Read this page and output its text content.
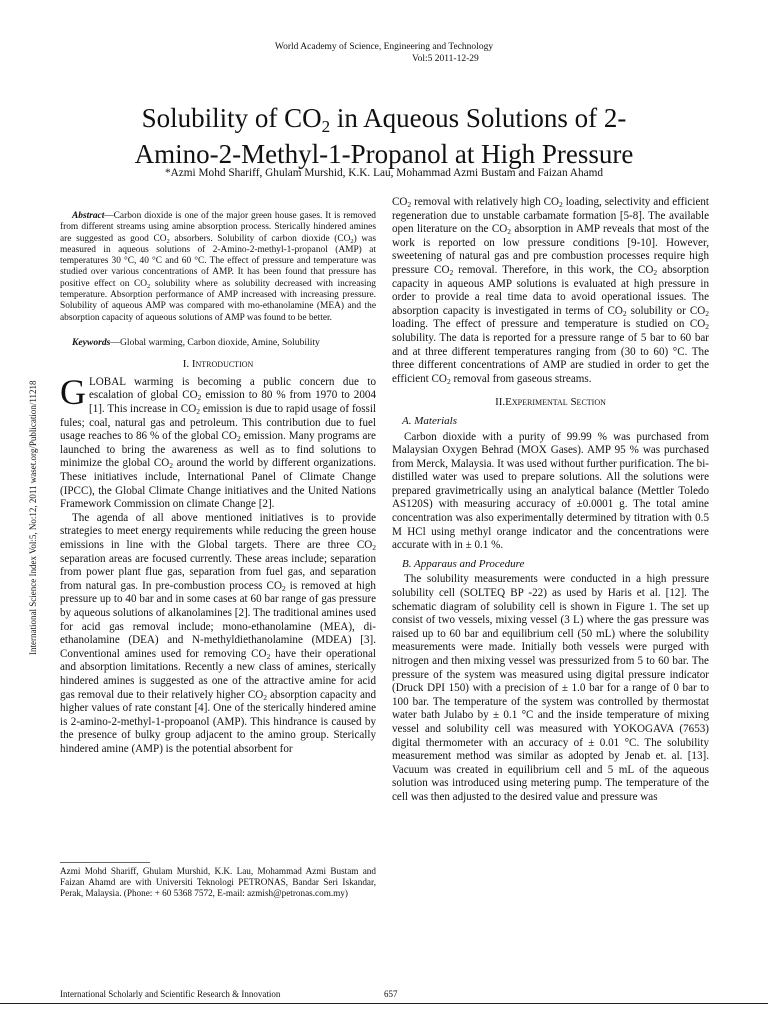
World Academy of Science, Engineering and Technology
Vol:5 2011-12-29
Solubility of $CO_2$ in Aqueous Solutions of 2-
Amino-2-Methyl-1-Propanol at High Pressure
*Azmi Mohd Shariff, Ghulam Murshid, K.K. Lau, Mohammad Azmi Bustam and Faizan Ahamd
International Science Index Vol:5, No:12, 2011 waset.org/Publication/11218

Abstract—Carbon dioxide is one of the major green house gases. It is removed from different streams using amine absorption process. Sterically hindered amines are suggested as good $CO_2$ absorbers. Solubility of carbon dioxide $(CO_2)$ was measured in aqueous solutions of 2-Amino-2-methyl-1-propanol (AMP) at temperatures 30 °C, 40 °C and 60 °C. The effect of pressure and temperature was studied over various concentrations of AMP. It has been found that pressure has positive effect on $CO_2$ solubility where as solubility decreased with increasing temperature. Absorption performance of AMP increased with increasing pressure. Solubility of aqueous AMP was compared with mo-ethanolamine (MEA) and the absorption capacity of aqueous solutions of AMP was found to be better.

Keywords—Global warming, Carbon dioxide, Amine, Solubility

I. Introduction

GLOBAL warming is becoming a public concern due to escalation of global $CO_2$ emission to 80 % from 1970 to 2004 [1]. This increase in $CO_2$ emission is due to rapid usage of fossil fules; coal, natural gas and petroleum. This contribution due to fuel usage reaches to 86 % of the global $CO_2$ emission. Many programs are launched to bring the awareness as well as to find solutions to minimize the global $CO_2$ around the world by different organizations. These initiatives include, International Panel of Climate Change (IPCC), the Global Climate Change initiatives and the United Nations Framework Commission on climate Change [2].

The agenda of all above mentioned initiatives is to provide strategies to meet energy requirements while reducing the green house emissions in line with the Global targets. There are three $CO_2$ separation areas are focused currently. These areas include; separation from power plant flue gas, separation from fuel gas, and separation from natural gas. In pre-combustion process $CO_2$ is removed at high pressure up to 40 bar and in some cases at 60 bar range of gas pressure by aqueous solutions of alkanolamines [2]. The traditional amines used for acid gas removal include; mono-ethanolamine (MEA), di-ethanolamine (DEA) and N-methyldiethanolamine (MDEA) [3]. Conventional amines used for removing $CO_2$ have their operational and absorption limitations. Recently a new class of amines, sterically hindered amines is suggested as one of the attractive amine for acid gas removal due to their relatively higher $CO_2$ absorption capacity and higher values of rate constant [4]. One of the sterically hindered amine is 2-amino-2-methyl-1-propoanol (AMP). This hindrance is caused by the presence of bulky group adjacent to the amino group. Sterically hindered amine (AMP) is the potential absorbent for

Azmi Mohd Shariff, Ghulam Murshid, K.K. Lau, Mohammad Azmi Bustam and Faizan Ahamd are with Universiti Teknologi PETRONAS, Bandar Seri Iskandar, Perak, Malaysia. (Phone: + 60 5368 7572, E-mail: azmish@petronas.com.my)

$CO_2$ removal with relatively high $CO_2$ loading, selectivity and efficient regeneration due to unstable carbamate formation [5-8]. The available open literature on the $CO_2$ absorption in AMP reveals that most of the work is reported on low pressure conditions [9-10]. However, sweetening of natural gas and pre combustion processes require high pressure $CO_2$ removal. Therefore, in this work, the $CO_2$ absorption capacity in aqueous AMP solutions is evaluated at high pressure in order to provide a real time data to avoid operational issues. The absorption capacity is investigated in terms of $CO_2$ solubility or $CO_2$ loading. The effect of pressure and temperature is studied on $CO_2$ solubility. The data is reported for a pressure range of 5 bar to 60 bar and at three different temperatures ranging from (30 to 60) °C. The three different concentrations of AMP are studied in order to get the efficient $CO_2$ removal from gaseous streams.

II.Experimental Section

A. Materials

Carbon dioxide with a purity of 99.99 % was purchased from Malaysian Oxygen Behrad (MOX Gases). AMP 95 % was purchased from Merck, Malaysia. It was used without further purification. The bi-distilled water was used to prepare solutions. All the solutions were prepared gravimetrically using an analytical balance (Mettler Toledo AS120S) with measuring accuracy of ±0.0001 g. The total amine concentration was also experimentally determined by titration with 0.5 M HCl using methyl orange indicator and the concentrations were accurate with in ± 0.1 %.

B. Apparaus and Procedure

The solubility measurements were conducted in a high pressure solubility cell (SOLTEQ BP -22) as used by Haris et al. [12]. The schematic diagram of solubility cell is shown in Figure 1. The set up consist of two vessels, mixing vessel (3 L) where the gas pressure was raised up to 60 bar and equilibrium cell (50 mL) where the solubility measurements were made. Initially both vessels were purged with nitrogen and then mixing vessel was pressurized from 5 to 60 bar. The pressure of the system was measured using digital pressure indicator (Druck DPI 150) with a precision of ± 1.0 bar for a range of 0 bar to 100 bar. The temperature of the system was controlled by thermostat water bath Julabo by ± 0.1 °C and the inside temperature of mixing vessel and solubility cell was measured with YOKOGAVA (7653) digital thermometer with an accuracy of ± 0.01 °C. The solubility measurement method was similar as adopted by Jenab et. al. [13]. Vacuum was created in equilibrium cell and 5 mL of the aqueous solution was introduced using metering pump. The temperature of the cell was then adjusted to the desired value and pressure was

International Scholarly and Scientific Research & Innovation	657
